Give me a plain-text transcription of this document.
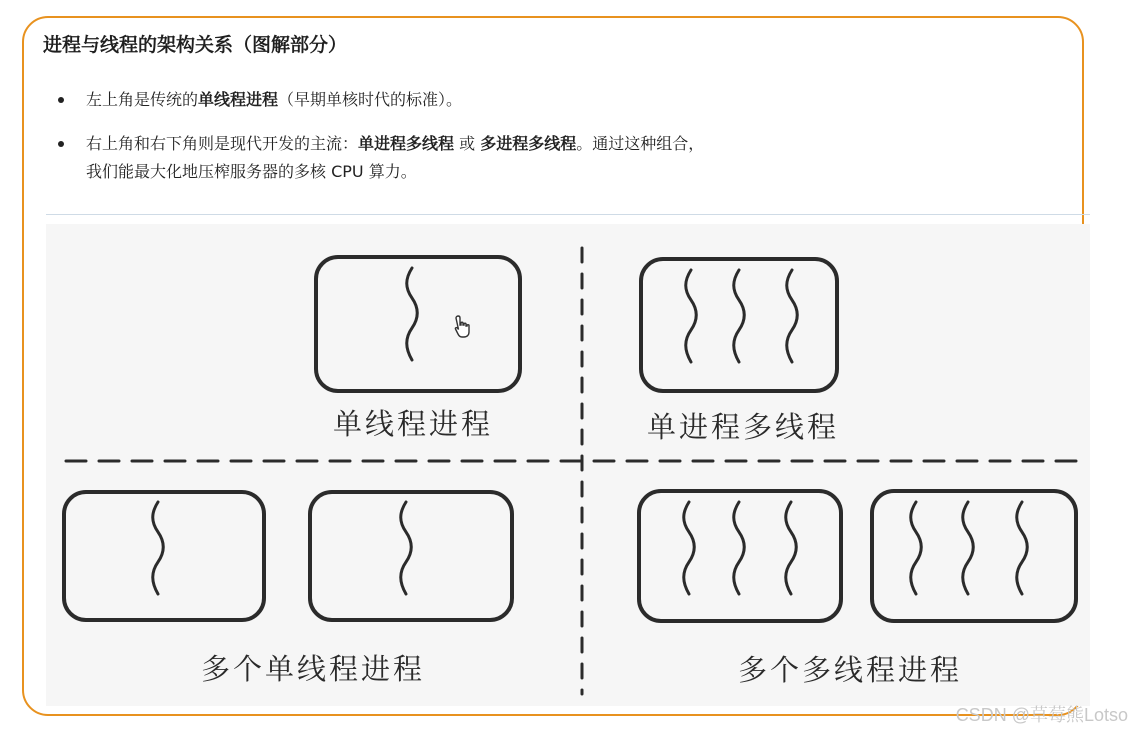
进程与线程的架构关系（图解部分）
左上角是传统的单线程进程（早期单核时代的标准）。
右上角和右下角则是现代开发的主流：单进程多线程 或 多进程多线程。通过这种组合，
我们能最大化地压榨服务器的多核 CPU 算力。
单线程进程	单进程多线程
多个单线程进程	多个多线程进程
CSDN @草莓熊Lotso
